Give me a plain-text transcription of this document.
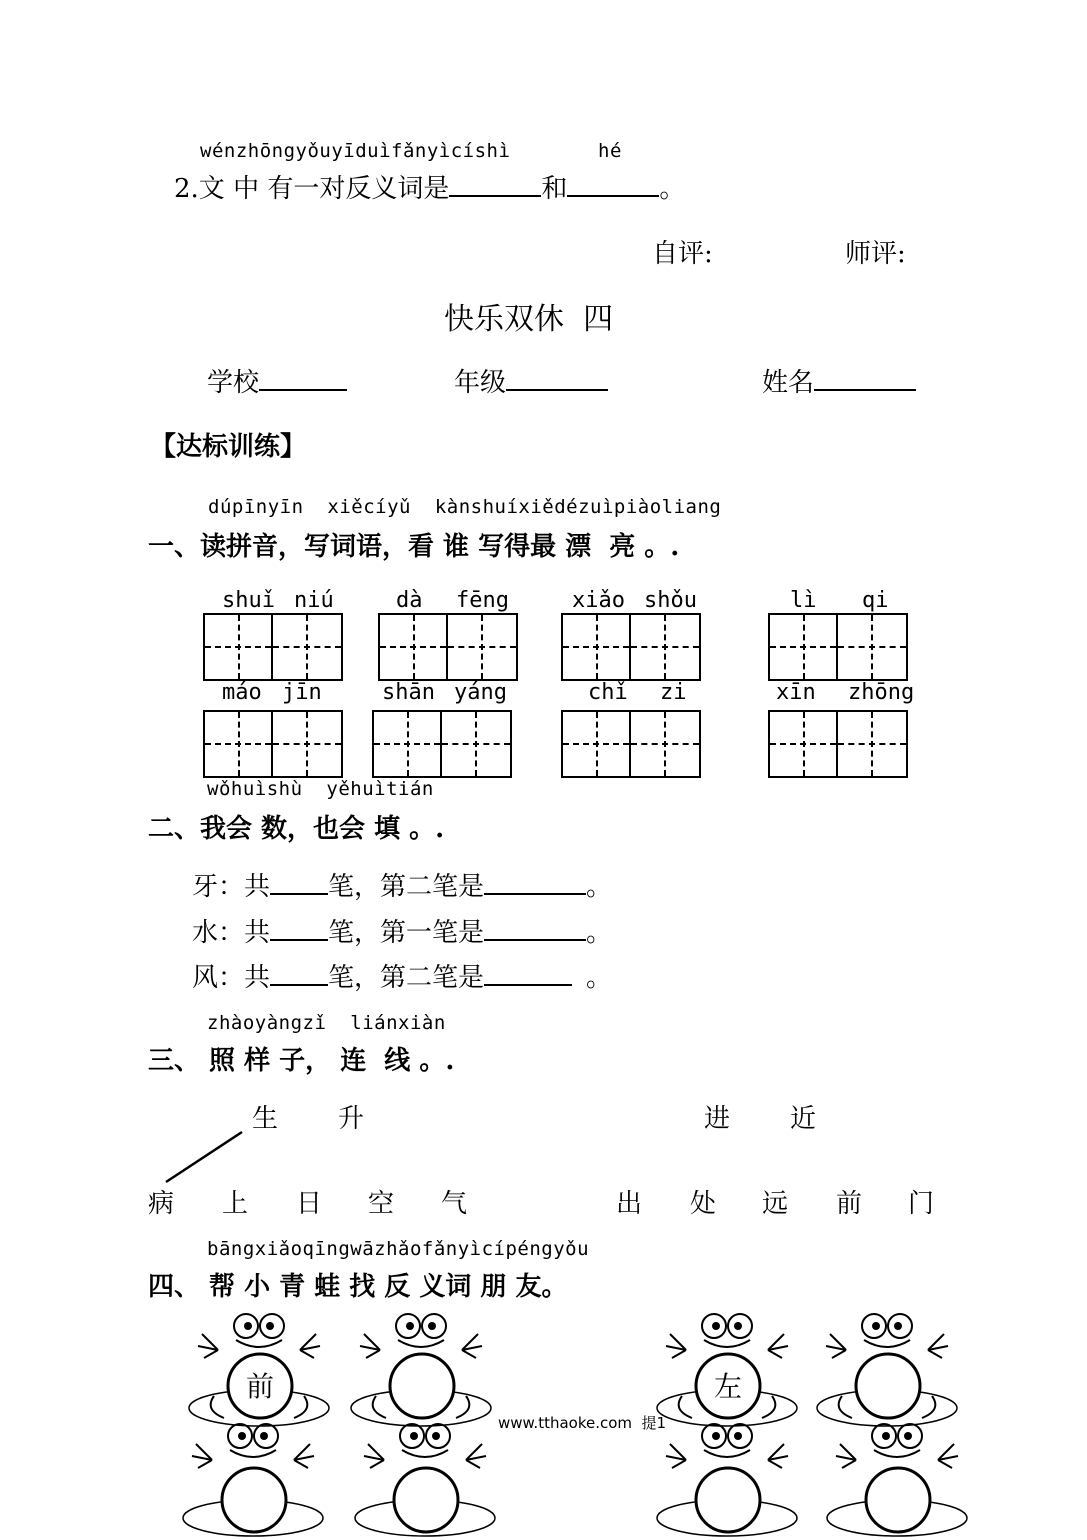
wénzhōngyǒuyīduìfǎnyìcíshì	hé
2.文 中 有一对反义词是	和	。
自评:	师评:
快乐双休  四
学校	年级	姓名
【达标训练】
dúpīnyīn  xiěcíyǔ  kànshuíxiědézuìpiàoliang
一、读拼音，写词语，看 谁 写得最 漂  亮 。.
shuǐ niú	dà fēng	xiǎo shǒu	lì qi
máo jīn	shān yáng	chǐ zi	xīn zhōng
wǒhuìshù  yěhuìtián
二、我会 数，也会 填 。.
牙：共 笔，第二笔是	。
水：共 笔，第一笔是	。
风：共 笔，第二笔是	。
zhàoyàngzǐ  liánxiàn
三、 照 样 子， 连  线 。.
生 升	进 近
病 上 日 空 气	出 处 远 前 门
bāngxiǎoqīngwāzhǎofǎnyìcípéngyǒu
四、 帮 小 青 蛙 找 反 义词 朋 友。
前	左
www.tthaoke.com  提1
